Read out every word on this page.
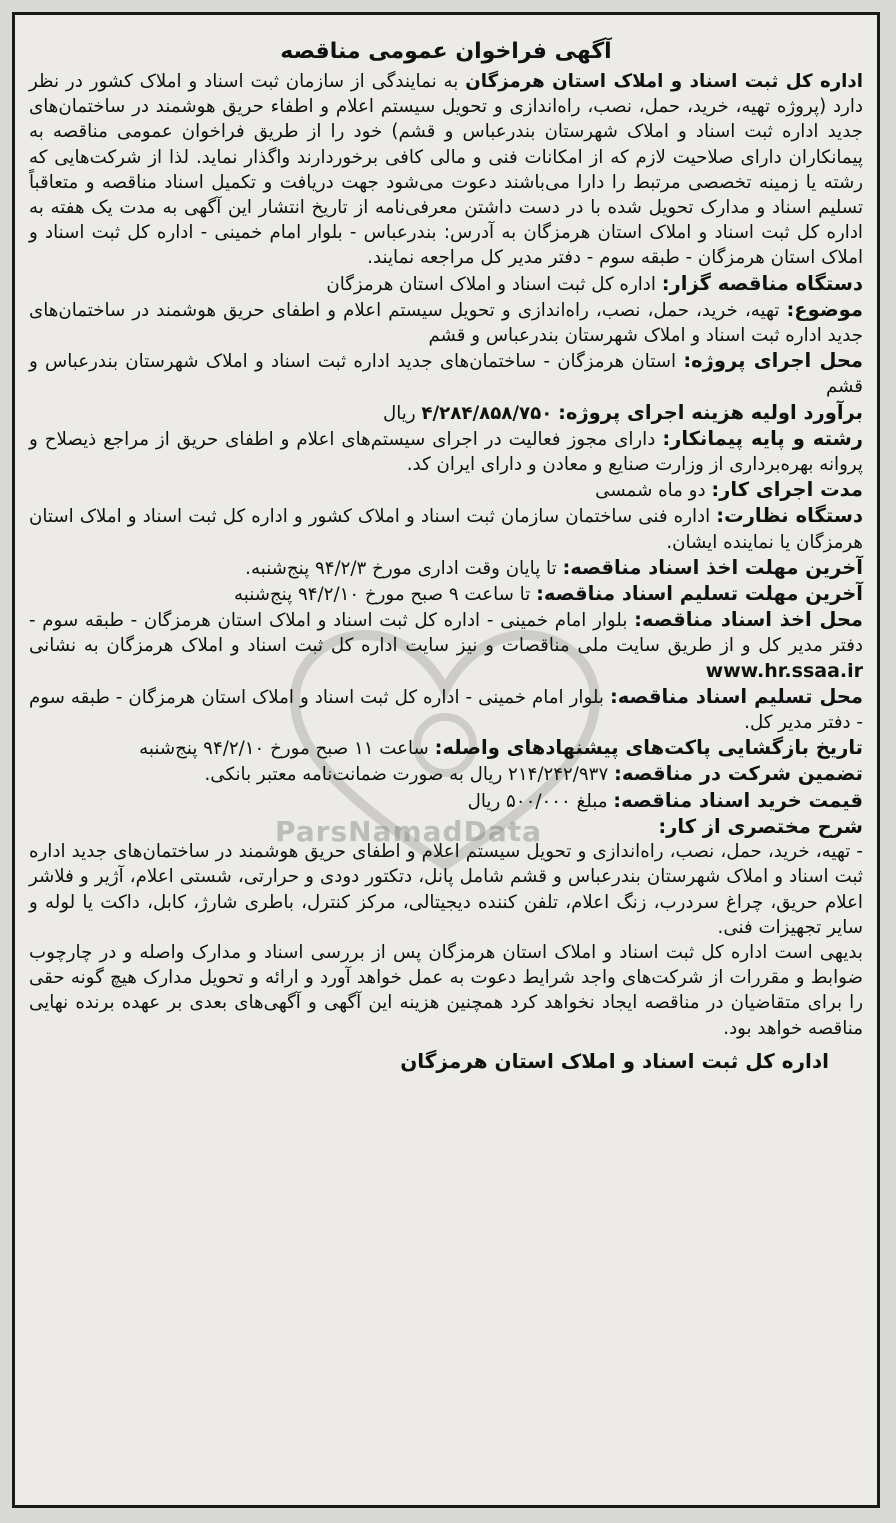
ParsNamadData

آگهی فراخوان عمومی مناقصه

اداره کل ثبت اسناد و املاک استان هرمزگان به نمایندگی از سازمان ثبت اسناد و املاک کشور در نظر دارد (پروژه تهیه، خرید، حمل، نصب، راه‌اندازی و تحویل سیستم اعلام و اطفاء حریق هوشمند در ساختمان‌های جدید اداره ثبت اسناد و املاک شهرستان بندرعباس و قشم) خود را از طریق فراخوان عمومی مناقصه به پیمانکاران دارای صلاحیت لازم که از امکانات فنی و مالی کافی برخوردارند واگذار نماید. لذا از شرکت‌هایی که رشته یا زمینه تخصصی مرتبط را دارا می‌باشند دعوت می‌شود جهت دریافت و تکمیل اسناد مناقصه و متعاقباً تسلیم اسناد و مدارک تحویل شده با در دست داشتن معرفی‌نامه از تاریخ انتشار این آگهی به مدت یک هفته به اداره کل ثبت اسناد و املاک استان هرمزگان به آدرس: بندرعباس - بلوار امام خمینی - اداره کل ثبت اسناد و املاک استان هرمزگان - طبقه سوم - دفتر مدیر کل مراجعه نمایند.

دستگاه مناقصه گزار: اداره کل ثبت اسناد و املاک استان هرمزگان

موضوع: تهیه، خرید، حمل، نصب، راه‌اندازی و تحویل سیستم اعلام و اطفای حریق هوشمند در ساختمان‌های جدید اداره ثبت اسناد و املاک شهرستان بندرعباس و قشم

محل اجرای پروژه: استان هرمزگان - ساختمان‌های جدید اداره ثبت اسناد و املاک شهرستان بندرعباس و قشم

برآورد اولیه هزینه اجرای پروژه: ۴/۲۸۴/۸۵۸/۷۵۰ ریال

رشته و پایه پیمانکار: دارای مجوز فعالیت در اجرای سیستم‌های اعلام و اطفای حریق از مراجع ذیصلاح و پروانه بهره‌برداری از وزارت صنایع و معادن و دارای ایران کد.

مدت اجرای کار: دو ماه شمسی

دستگاه نظارت: اداره فنی ساختمان سازمان ثبت اسناد و املاک کشور و اداره کل ثبت اسناد و املاک استان هرمزگان یا نماینده ایشان.

آخرین مهلت اخذ اسناد مناقصه: تا پایان وقت اداری مورخ ۹۴/۲/۳ پنج‌شنبه.

آخرین مهلت تسلیم اسناد مناقصه: تا ساعت ۹ صبح مورخ ۹۴/۲/۱۰ پنج‌شنبه

محل اخذ اسناد مناقصه: بلوار امام خمینی - اداره کل ثبت اسناد و املاک استان هرمزگان - طبقه سوم - دفتر مدیر کل و از طریق سایت ملی مناقصات و نیز سایت اداره کل ثبت اسناد و املاک هرمزگان به نشانی www.hr.ssaa.ir

محل تسلیم اسناد مناقصه: بلوار امام خمینی - اداره کل ثبت اسناد و املاک استان هرمزگان - طبقه سوم - دفتر مدیر کل.

تاریخ بازگشایی پاکت‌های پیشنهادهای واصله: ساعت ۱۱ صبح مورخ ۹۴/۲/۱۰ پنج‌شنبه

تضمین شرکت در مناقصه: ۲۱۴/۲۴۲/۹۳۷ ریال به صورت ضمانت‌نامه معتبر بانکی.

قیمت خرید اسناد مناقصه: مبلغ ۵۰۰/۰۰۰ ریال

شرح مختصری از کار:

- تهیه، خرید، حمل، نصب، راه‌اندازی و تحویل سیستم اعلام و اطفای حریق هوشمند در ساختمان‌های جدید اداره ثبت اسناد و املاک شهرستان بندرعباس و قشم شامل پانل، دتکتور دودی و حرارتی، شستی اعلام، آژیر و فلاشر اعلام حریق، چراغ سردرب، زنگ اعلام، تلفن کننده دیجیتالی، مرکز کنترل، باطری شارژ، کابل، داکت یا لوله و سایر تجهیزات فنی.

بدیهی است اداره کل ثبت اسناد و املاک استان هرمزگان پس از بررسی اسناد و مدارک واصله و در چارچوب ضوابط و مقررات از شرکت‌های واجد شرایط دعوت به عمل خواهد آورد و ارائه و تحویل مدارک هیچ گونه حقی را برای متقاضیان در مناقصه ایجاد نخواهد کرد همچنین هزینه این آگهی و آگهی‌های بعدی بر عهده برنده نهایی مناقصه خواهد بود.

اداره کل ثبت اسناد و املاک استان هرمزگان
